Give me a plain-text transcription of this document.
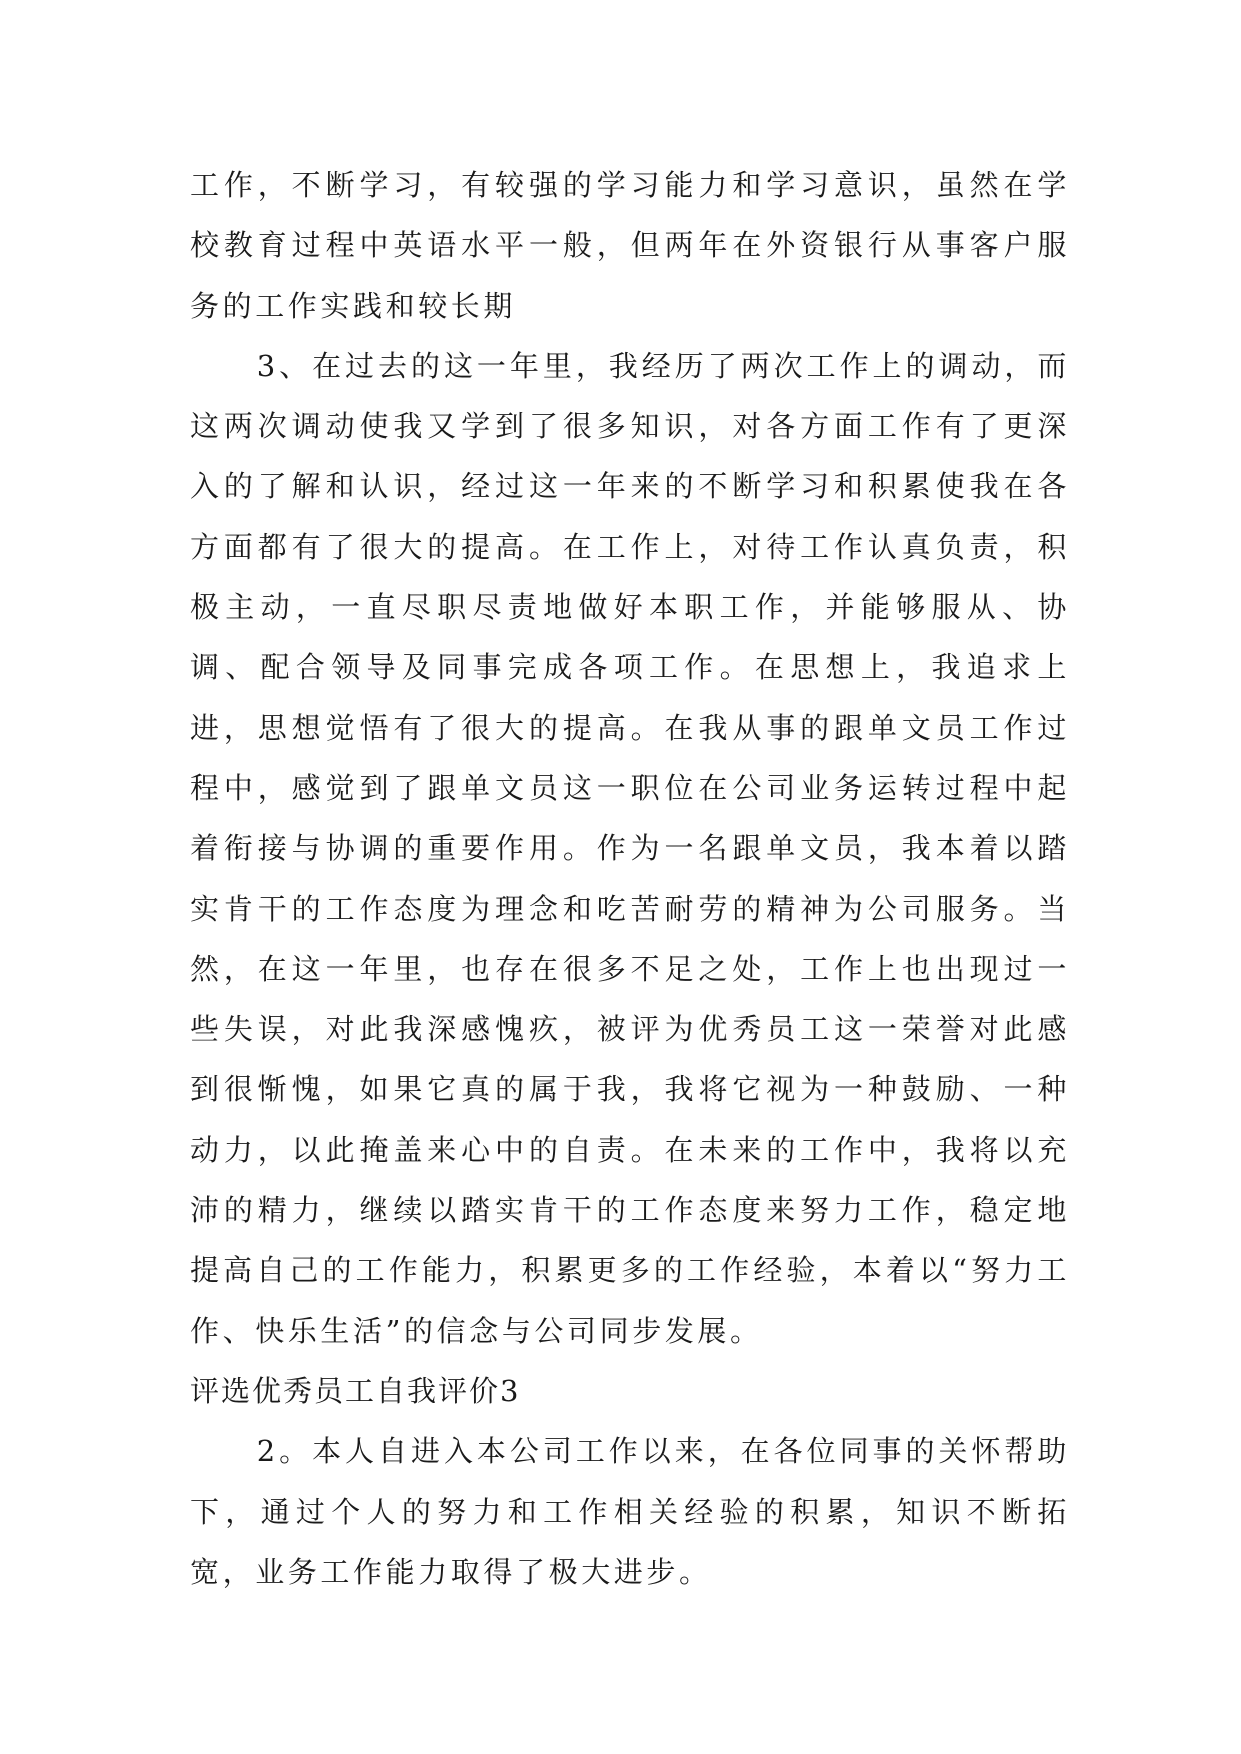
工作，不断学习，有较强的学习能力和学习意识，虽然在学校教育过程中英语水平一般，但两年在外资银行从事客户服务的工作实践和较长期

3、在过去的这一年里，我经历了两次工作上的调动，而这两次调动使我又学到了很多知识，对各方面工作有了更深入的了解和认识，经过这一年来的不断学习和积累使我在各方面都有了很大的提高。在工作上，对待工作认真负责，积极主动，一直尽职尽责地做好本职工作，并能够服从、协调、配合领导及同事完成各项工作。在思想上，我追求上进，思想觉悟有了很大的提高。在我从事的跟单文员工作过程中，感觉到了跟单文员这一职位在公司业务运转过程中起着衔接与协调的重要作用。作为一名跟单文员，我本着以踏实肯干的工作态度为理念和吃苦耐劳的精神为公司服务。当然，在这一年里，也存在很多不足之处，工作上也出现过一些失误，对此我深感愧疚，被评为优秀员工这一荣誉对此感到很惭愧，如果它真的属于我，我将它视为一种鼓励、一种动力，以此掩盖来心中的自责。在未来的工作中，我将以充沛的精力，继续以踏实肯干的工作态度来努力工作，稳定地提高自己的工作能力，积累更多的工作经验，本着以“努力工作、快乐生活”的信念与公司同步发展。

评选优秀员工自我评价3

2。本人自进入本公司工作以来，在各位同事的关怀帮助下，通过个人的努力和工作相关经验的积累，知识不断拓宽，业务工作能力取得了极大进步。
